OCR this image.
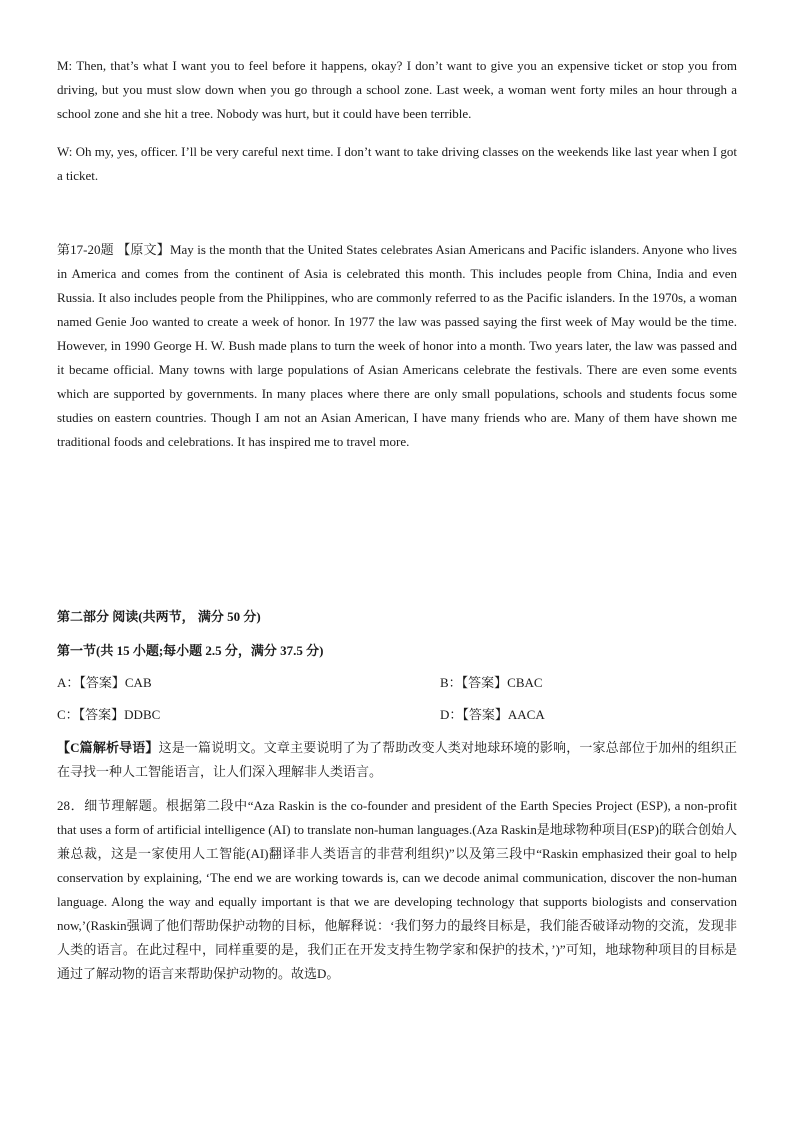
M: Then, that’s what I want you to feel before it happens, okay? I don’t want to give you an expensive ticket or stop you from driving, but you must slow down when you go through a school zone. Last week, a woman went forty miles an hour through a school zone and she hit a tree. Nobody was hurt, but it could have been terrible.

W: Oh my, yes, officer. I’ll be very careful next time. I don’t want to take driving classes on the weekends like last year when I got a ticket.

第17-20题 【原文】May is the month that the United States celebrates Asian Americans and Pacific islanders. Anyone who lives in America and comes from the continent of Asia is celebrated this month. This includes people from China, India and even Russia. It also includes people from the Philippines, who are commonly referred to as the Pacific islanders. In the 1970s, a woman named Genie Joo wanted to create a week of honor. In 1977 the law was passed saying the first week of May would be the time. However, in 1990 George H. W. Bush made plans to turn the week of honor into a month. Two years later, the law was passed and it became official. Many towns with large populations of Asian Americans celebrate the festivals. There are even some events which are supported by governments. In many places where there are only small populations, schools and students focus some studies on eastern countries. Though I am not an Asian American, I have many friends who are. Many of them have shown me traditional foods and celebrations. It has inspired me to travel more.

第二部分 阅读(共两节， 满分 50 分)

第一节(共 15 小题;每小题 2.5 分，满分 37.5 分)

A：【答案】CAB	B：【答案】CBAC
C：【答案】DDBC	D：【答案】AACA

【C篇解析导语】这是一篇说明文。文章主要说明了为了帮助改变人类对地球环境的影响，一家总部位于加州的组织正在寻找一种人工智能语言，让人们深入理解非人类语言。

28．细节理解题。根据第二段中“Aza Raskin is the co-founder and president of the Earth Species Project (ESP), a non-profit that uses a form of artificial intelligence (AI) to translate non-human languages.(Aza Raskin是地球物种项目(ESP)的联合创始人兼总裁，这是一家使用人工智能(AI)翻译非人类语言的非营利组织)”以及第三段中“Raskin emphasized their goal to help conservation by explaining, ‘The end we are working towards is, can we decode animal communication, discover the non-human language. Along the way and equally important is that we are developing technology that supports biologists and conservation now,’(Raskin强调了他们帮助保护动物的目标，他解释说：‘我们努力的最终目标是，我们能否破译动物的交流，发现非人类的语言。在此过程中，同样重要的是，我们正在开发支持生物学家和保护的技术，’)”可知，地球物种项目的目标是通过了解动物的语言来帮助保护动物的。故选D。
